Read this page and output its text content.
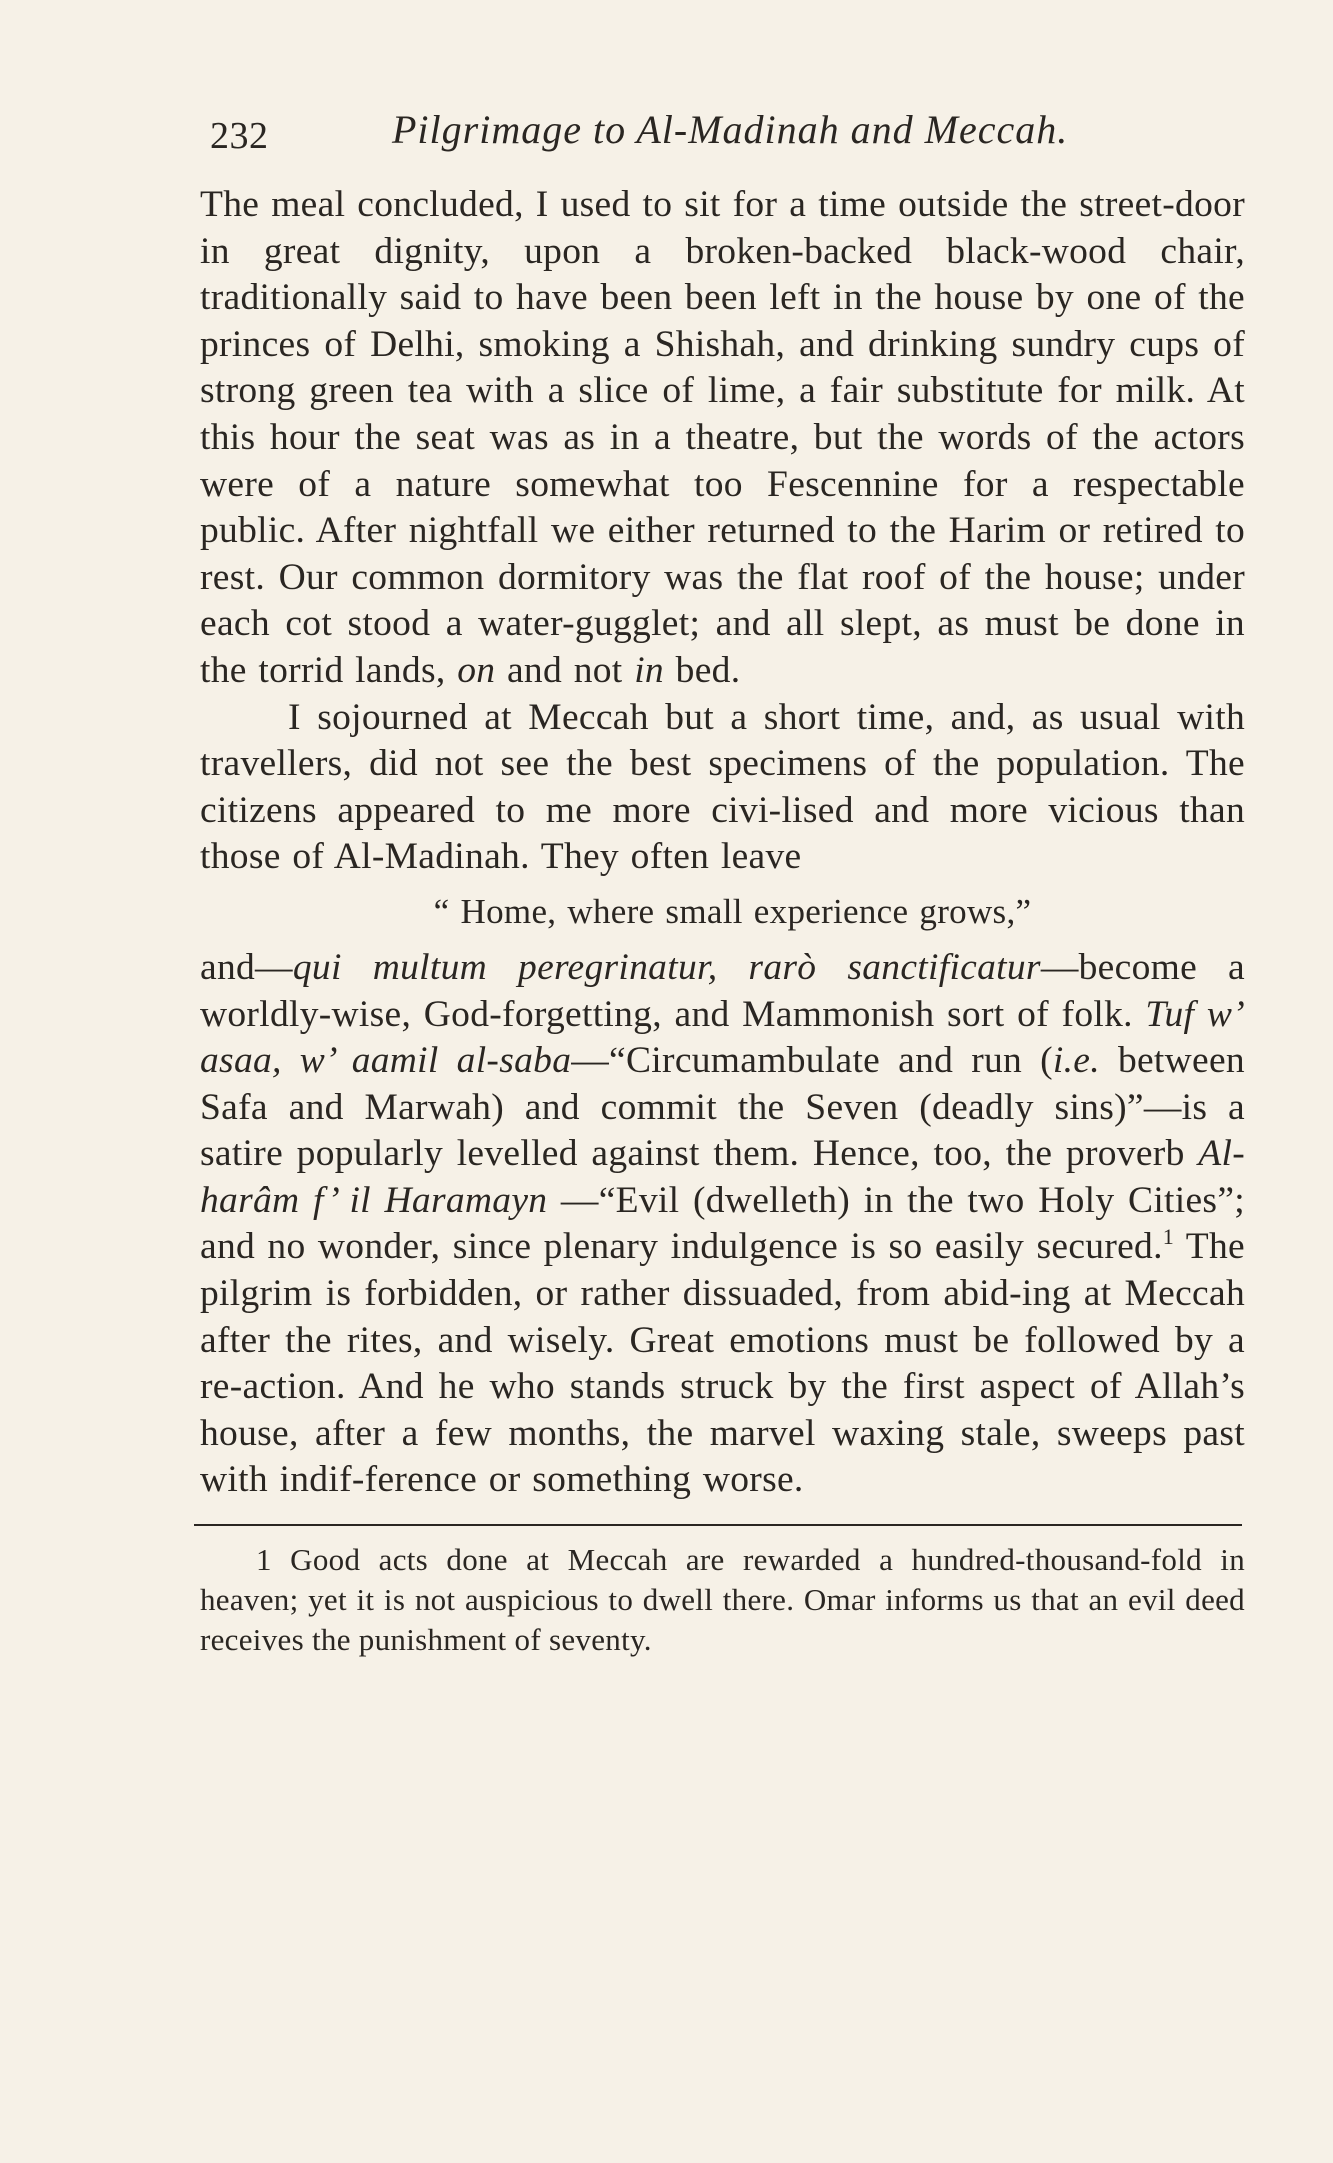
232	Pilgrimage to Al-Madinah and Meccah.

The meal concluded, I used to sit for a time outside the street-door in great dignity, upon a broken-backed black-wood chair, traditionally said to have been been left in the house by one of the princes of Delhi, smoking a Shishah, and drinking sundry cups of strong green tea with a slice of lime, a fair substitute for milk. At this hour the seat was as in a theatre, but the words of the actors were of a nature somewhat too Fescennine for a respectable public. After nightfall we either returned to the Harim or retired to rest. Our common dormitory was the flat roof of the house; under each cot stood a water-gugglet; and all slept, as must be done in the torrid lands, on and not in bed.

I sojourned at Meccah but a short time, and, as usual with travellers, did not see the best specimens of the population. The citizens appeared to me more civi-lised and more vicious than those of Al-Madinah. They often leave

“ Home, where small experience grows,”

and—qui multum peregrinatur, rarò sanctificatur—become a worldly-wise, God-forgetting, and Mammonish sort of folk. Tuf w’ asaa, w’ aamil al-saba—“Circumambulate and run (i.e. between Safa and Marwah) and commit the Seven (deadly sins)”—is a satire popularly levelled against them. Hence, too, the proverb Al-harâm f’ il Haramayn —“Evil (dwelleth) in the two Holy Cities”; and no wonder, since plenary indulgence is so easily secured.$^1$ The pilgrim is forbidden, or rather dissuaded, from abid-ing at Meccah after the rites, and wisely. Great emotions must be followed by a re-action. And he who stands struck by the first aspect of Allah’s house, after a few months, the marvel waxing stale, sweeps past with indif-ference or something worse.

1 Good acts done at Meccah are rewarded a hundred-thousand-fold in heaven; yet it is not auspicious to dwell there. Omar informs us that an evil deed receives the punishment of seventy.
